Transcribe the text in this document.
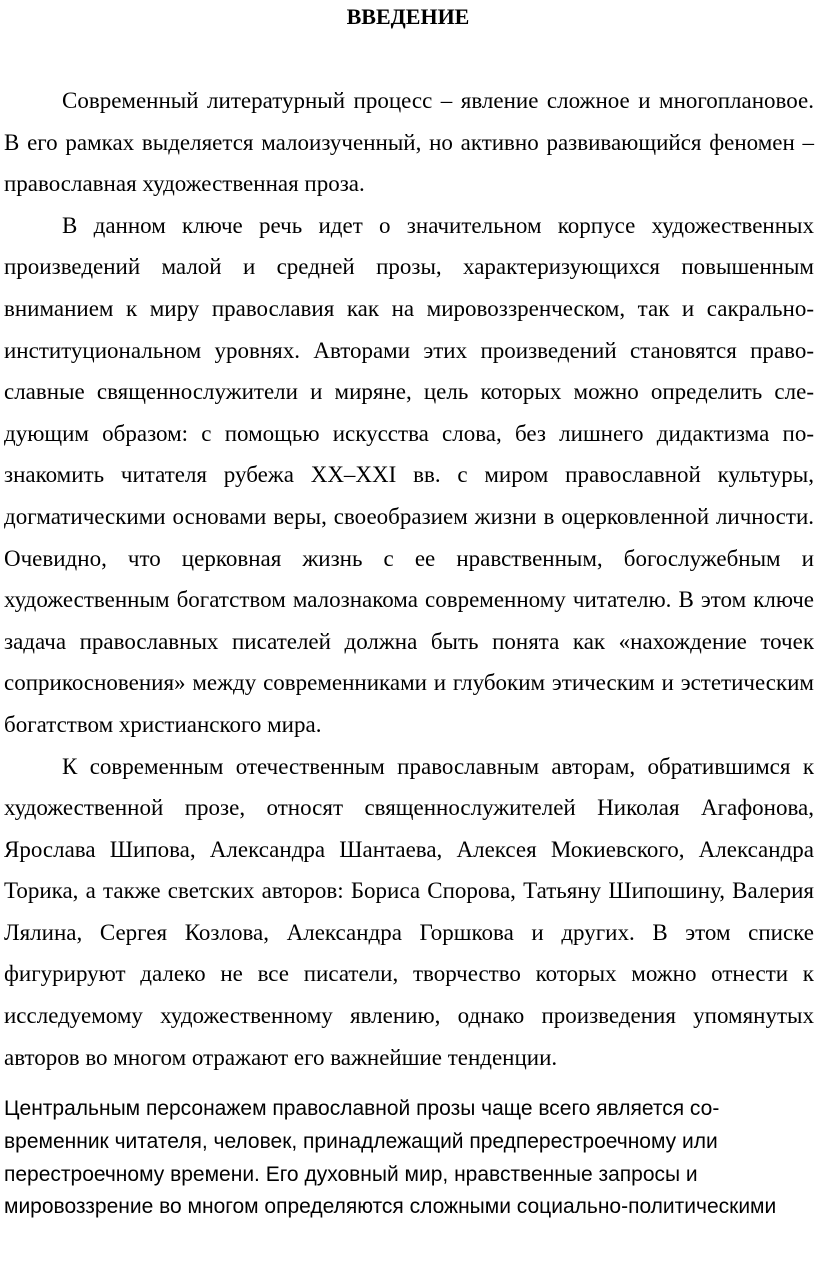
ВВЕДЕНИЕ

Современный литературный процесс – явление сложное и многоплановое. В его рамках выделяется малоизученный, но активно развивающийся феномен – православная художественная проза.

В данном ключе речь идет о значительном корпусе художественных произведений малой и средней прозы, характеризующихся повышенным вниманием к миру православия как на мировоззренческом, так и сакрально-институциональном уровнях. Авторами этих произведений становятся православные священнослужители и миряне, цель которых можно определить следующим образом: с помощью искусства слова, без лишнего дидактизма познакомить читателя рубежа XX–XXI вв. с миром православной культуры, догматическими основами веры, своеобразием жизни в оцерковленной личности. Очевидно, что церковная жизнь с ее нравственным, богослужебным и художественным богатством малознакома современному читателю. В этом ключе задача православных писателей должна быть понята как «нахождение точек соприкосновения» между современниками и глубоким этическим и эстетическим богатством христианского мира.

К современным отечественным православным авторам, обратившимся к художественной прозе, относят священнослужителей Николая Агафонова, Ярослава Шипова, Александра Шантаева, Алексея Мокиевского, Александра Торика, а также светских авторов: Бориса Спорова, Татьяну Шипошину, Валерия Лялина, Сергея Козлова, Александра Горшкова и других. В этом списке фигурируют далеко не все писатели, творчество которых можно отнести к исследуемому художественному явлению, однако произведения упомянутых авторов во многом отражают его важнейшие тенденции.

Центральным персонажем православной прозы чаще всего является современник читателя, человек, принадлежащий предперестроечному или перестроечному времени. Его духовный мир, нравственные запросы и мировоззрение во многом определяются сложными социально-политическими
